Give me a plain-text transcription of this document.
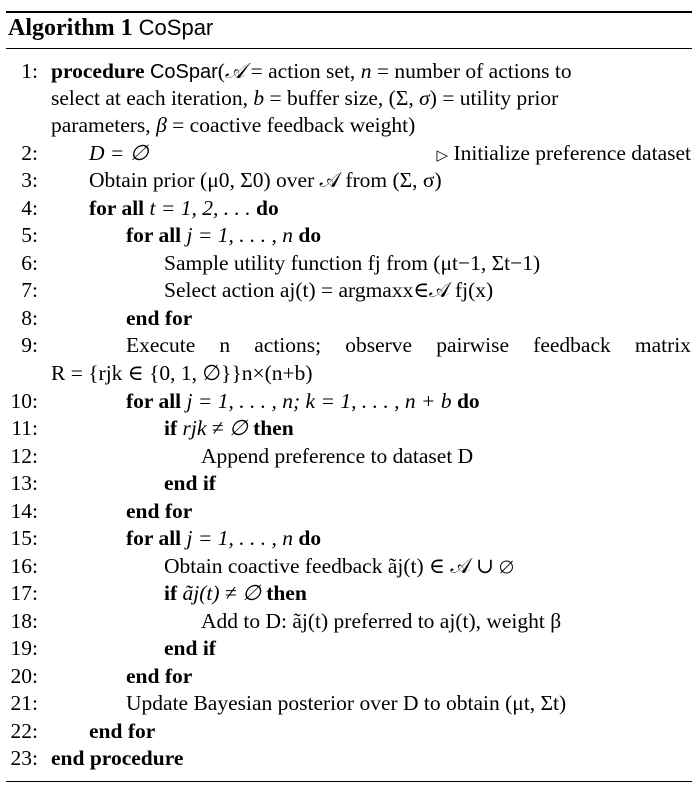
Algorithm 1 CoSpar
1: procedure CoSpar(𝒜 = action set, n = number of actions to
select at each iteration, b = buffer size, (Σ, σ) = utility prior
parameters, β = coactive feedback weight)
2: D = ∅	▷ Initialize preference dataset
3: Obtain prior (μ0, Σ0) over 𝒜 from (Σ, σ)
4: for all t = 1, 2, . . . do
5:	for all j = 1, . . . , n do
6:	Sample utility function fj from (μt−1, Σt−1)
7:	Select action aj(t) = argmaxx∈𝒜 fj(x)
8:	end for
9:	Execute n actions; observe pairwise feedback matrix
R = {rjk ∈ {0, 1, ∅}}n×(n+b)
10:	for all j = 1, . . . , n; k = 1, . . . , n + b do
11:	if rjk ≠ ∅ then
12:	Append preference to dataset D
13:	end if
14:	end for
15:	for all j = 1, . . . , n do
16:	Obtain coactive feedback ãj(t) ∈ 𝒜 ∪ ∅
17:	if ãj(t) ≠ ∅ then
18:	Add to D: ãj(t) preferred to aj(t), weight β
19:	end if
20:	end for
21:	Update Bayesian posterior over D to obtain (μt, Σt)
22: end for
23: end procedure
